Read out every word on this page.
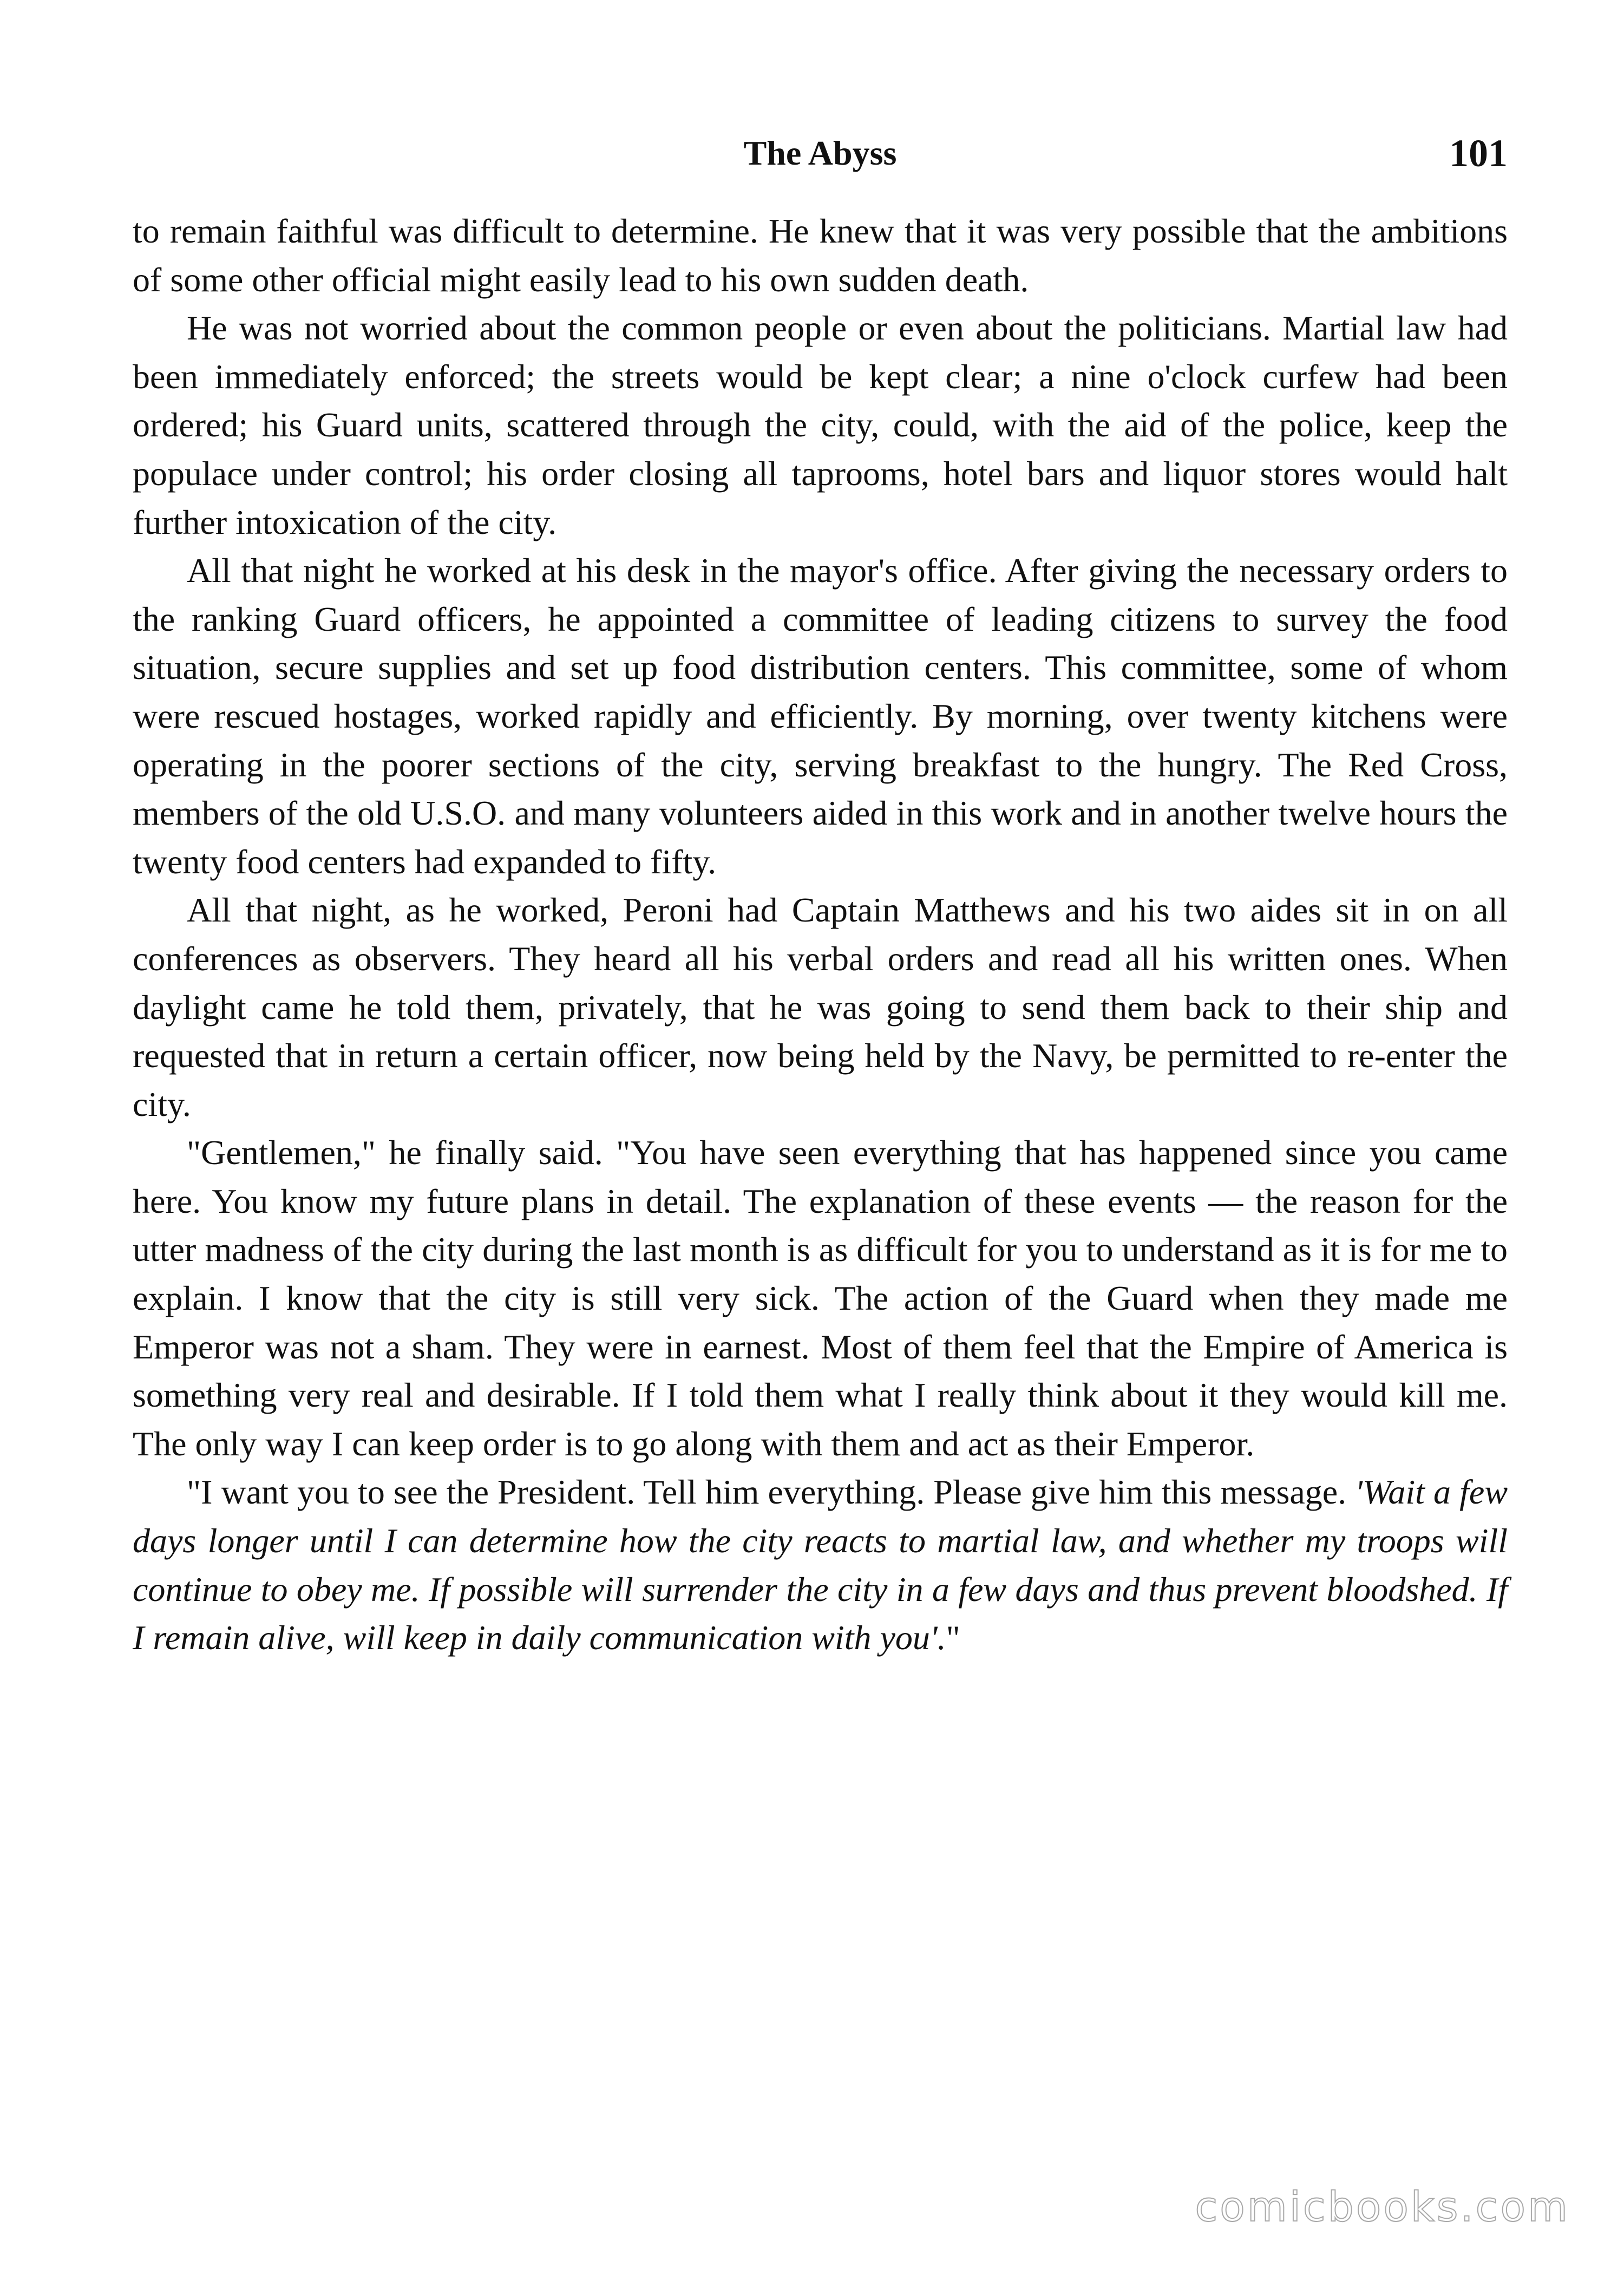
The Abyss	101

to remain faithful was difficult to determine. He knew that it was very possible that the ambitions of some other official might easily lead to his own sudden death.

He was not worried about the common people or even about the politicians. Martial law had been immediately enforced; the streets would be kept clear; a nine o'clock curfew had been ordered; his Guard units, scattered through the city, could, with the aid of the police, keep the populace under control; his order closing all taprooms, hotel bars and liquor stores would halt further intoxication of the city.

All that night he worked at his desk in the mayor's office. After giving the necessary orders to the ranking Guard officers, he appointed a committee of leading citizens to survey the food situation, secure supplies and set up food distribution centers. This committee, some of whom were rescued hostages, worked rapidly and efficiently. By morning, over twenty kitchens were operating in the poorer sections of the city, serving breakfast to the hungry. The Red Cross, members of the old U.S.O. and many volunteers aided in this work and in another twelve hours the twenty food centers had expanded to fifty.

All that night, as he worked, Peroni had Captain Matthews and his two aides sit in on all conferences as observers. They heard all his verbal orders and read all his written ones. When daylight came he told them, privately, that he was going to send them back to their ship and requested that in return a certain officer, now being held by the Navy, be permitted to re-enter the city.

"Gentlemen," he finally said. "You have seen everything that has happened since you came here. You know my future plans in detail. The explanation of these events — the reason for the utter madness of the city during the last month is as difficult for you to understand as it is for me to explain. I know that the city is still very sick. The action of the Guard when they made me Emperor was not a sham. They were in earnest. Most of them feel that the Empire of America is something very real and desirable. If I told them what I really think about it they would kill me. The only way I can keep order is to go along with them and act as their Emperor.

"I want you to see the President. Tell him everything. Please give him this message. 'Wait a few days longer until I can determine how the city reacts to martial law, and whether my troops will continue to obey me. If possible will surrender the city in a few days and thus prevent bloodshed. If I remain alive, will keep in daily communication with you'."

comicbooks.com
